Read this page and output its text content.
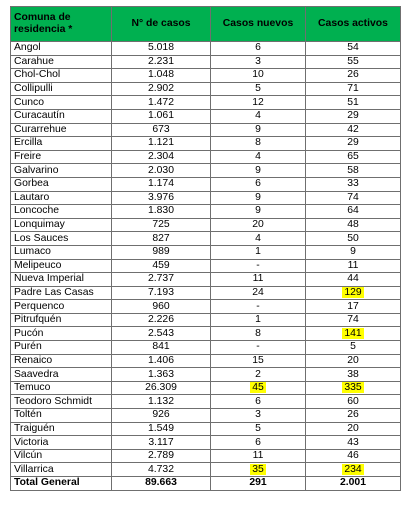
Comuna de residencia *	N° de casos	Casos nuevos	Casos activos
Angol	5.018	6	54
Carahue	2.231	3	55
Chol-Chol	1.048	10	26
Collipulli	2.902	5	71
Cunco	1.472	12	51
Curacautín	1.061	4	29
Curarrehue	673	9	42
Ercilla	1.121	8	29
Freire	2.304	4	65
Galvarino	2.030	9	58
Gorbea	1.174	6	33
Lautaro	3.976	9	74
Loncoche	1.830	9	64
Lonquimay	725	20	48
Los Sauces	827	4	50
Lumaco	989	1	9
Melipeuco	459	-	11
Nueva Imperial	2.737	11	44
Padre Las Casas	7.193	24	129
Perquenco	960	-	17
Pitrufquén	2.226	1	74
Pucón	2.543	8	141
Purén	841	-	5
Renaico	1.406	15	20
Saavedra	1.363	2	38
Temuco	26.309	45	335
Teodoro Schmidt	1.132	6	60
Toltén	926	3	26
Traiguén	1.549	5	20
Victoria	3.117	6	43
Vilcún	2.789	11	46
Villarrica	4.732	35	234
Total General	89.663	291	2.001
